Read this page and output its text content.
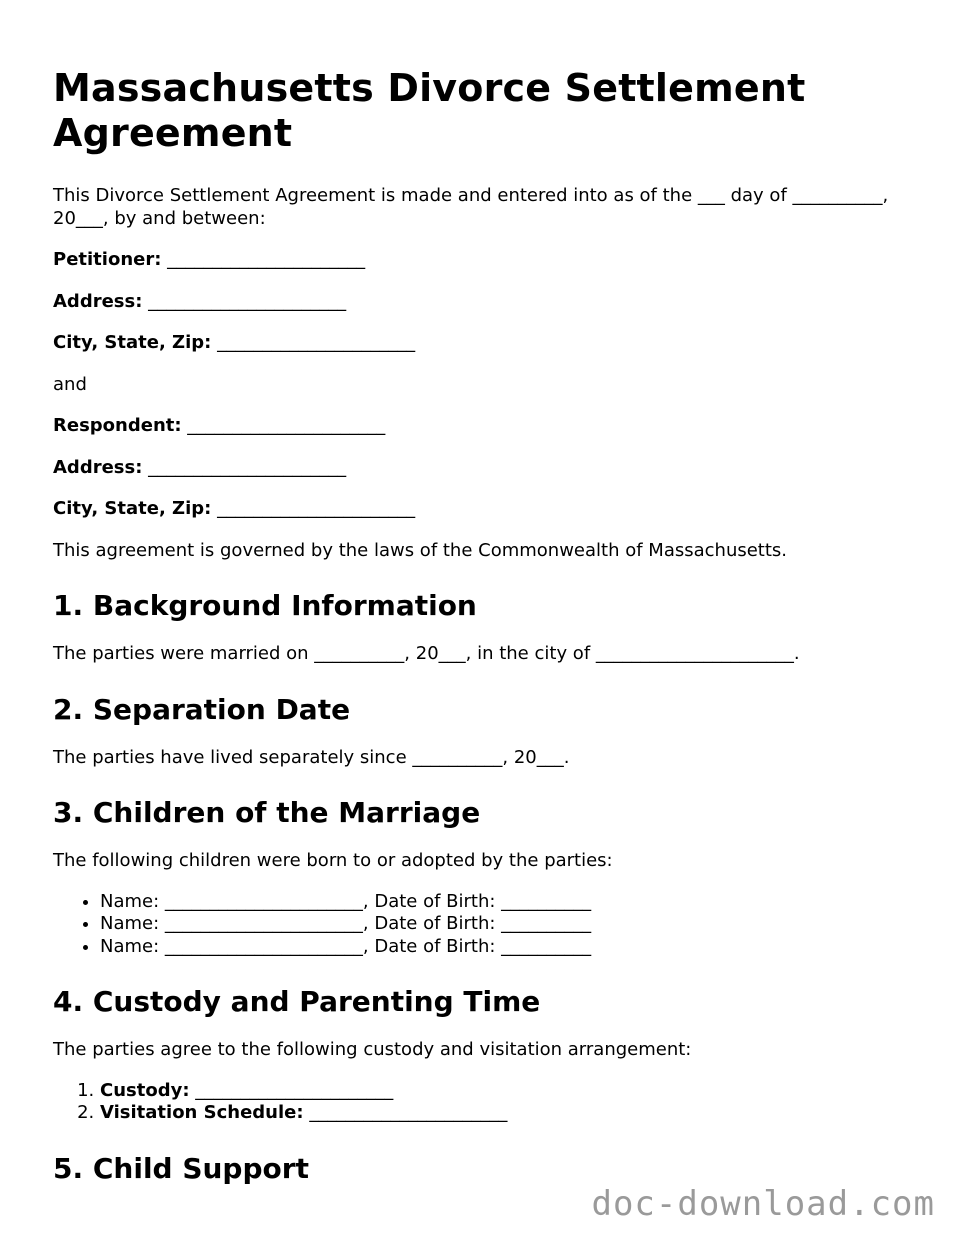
Massachusetts Divorce Settlement Agreement

This Divorce Settlement Agreement is made and entered into as of the ___ day of __________, 20___, by and between:

Petitioner: ______________________

Address: ______________________

City, State, Zip: ______________________

and

Respondent: ______________________

Address: ______________________

City, State, Zip: ______________________

This agreement is governed by the laws of the Commonwealth of Massachusetts.

1. Background Information

The parties were married on __________, 20___, in the city of ______________________.

2. Separation Date

The parties have lived separately since __________, 20___.

3. Children of the Marriage

The following children were born to or adopted by the parties:

• Name: ______________________, Date of Birth: __________
• Name: ______________________, Date of Birth: __________
• Name: ______________________, Date of Birth: __________
4. Custody and Parenting Time

The parties agree to the following custody and visitation arrangement:

1. Custody: ______________________
2. Visitation Schedule: ______________________
5. Child Support
doc-download.com
